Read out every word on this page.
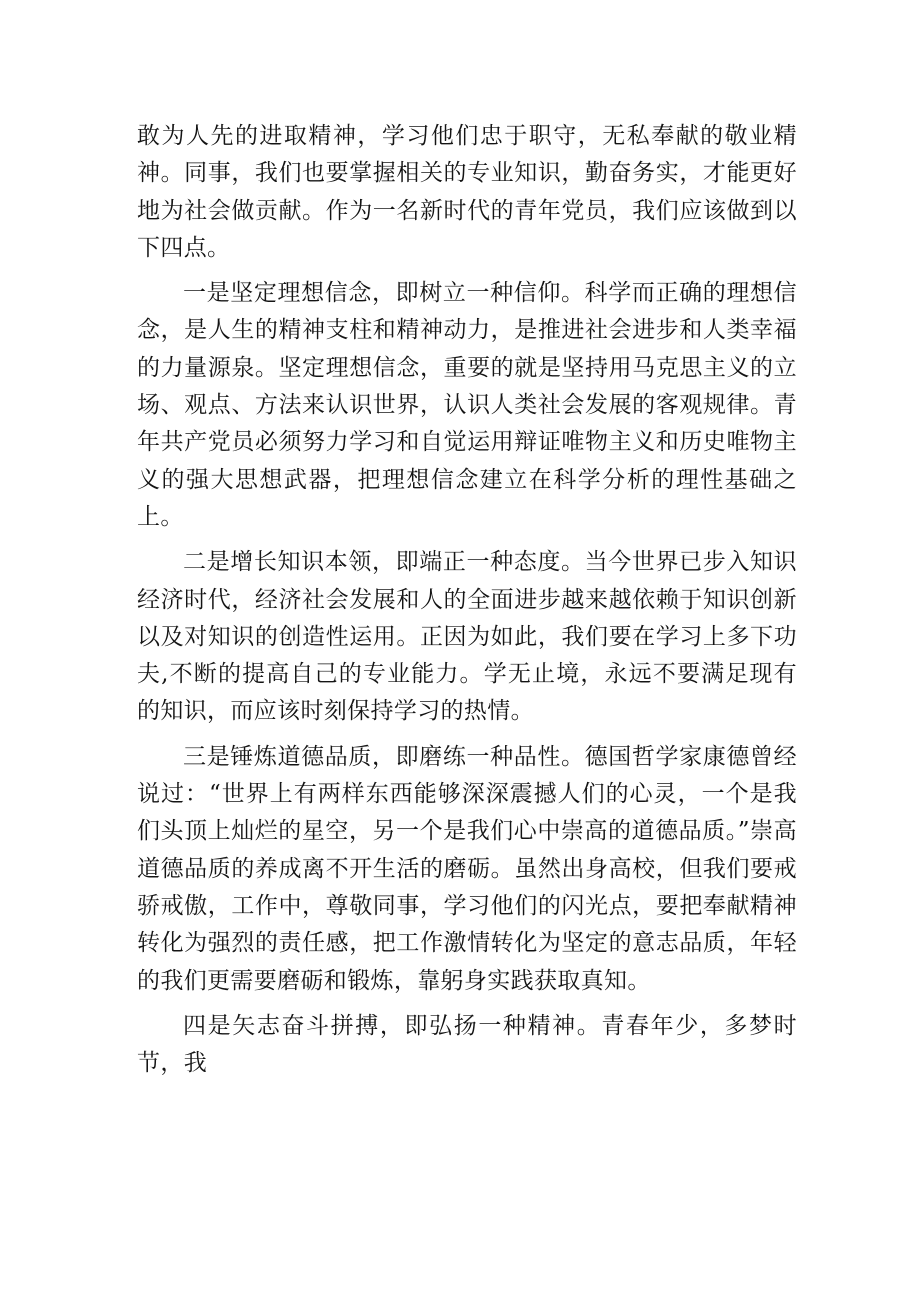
敢为人先的进取精神，学习他们忠于职守，无私奉献的敬业精神。同事，我们也要掌握相关的专业知识，勤奋务实，才能更好地为社会做贡献。作为一名新时代的青年党员，我们应该做到以下四点。

一是坚定理想信念，即树立一种信仰。科学而正确的理想信念，是人生的精神支柱和精神动力，是推进社会进步和人类幸福的力量源泉。坚定理想信念，重要的就是坚持用马克思主义的立场、观点、方法来认识世界，认识人类社会发展的客观规律。青年共产党员必须努力学习和自觉运用辩证唯物主义和历史唯物主义的强大思想武器，把理想信念建立在科学分析的理性基础之上。

二是增长知识本领，即端正一种态度。当今世界已步入知识经济时代，经济社会发展和人的全面进步越来越依赖于知识创新以及对知识的创造性运用。正因为如此，我们要在学习上多下功夫,不断的提高自己的专业能力。学无止境，永远不要满足现有的知识，而应该时刻保持学习的热情。

三是锤炼道德品质，即磨练一种品性。德国哲学家康德曾经说过：“世界上有两样东西能够深深震撼人们的心灵，一个是我们头顶上灿烂的星空，另一个是我们心中崇高的道德品质。”崇高道德品质的养成离不开生活的磨砺。虽然出身高校，但我们要戒骄戒傲，工作中，尊敬同事，学习他们的闪光点，要把奉献精神转化为强烈的责任感，把工作激情转化为坚定的意志品质，年轻的我们更需要磨砺和锻炼，靠躬身实践获取真知。

四是矢志奋斗拼搏，即弘扬一种精神。青春年少，多梦时节，我
